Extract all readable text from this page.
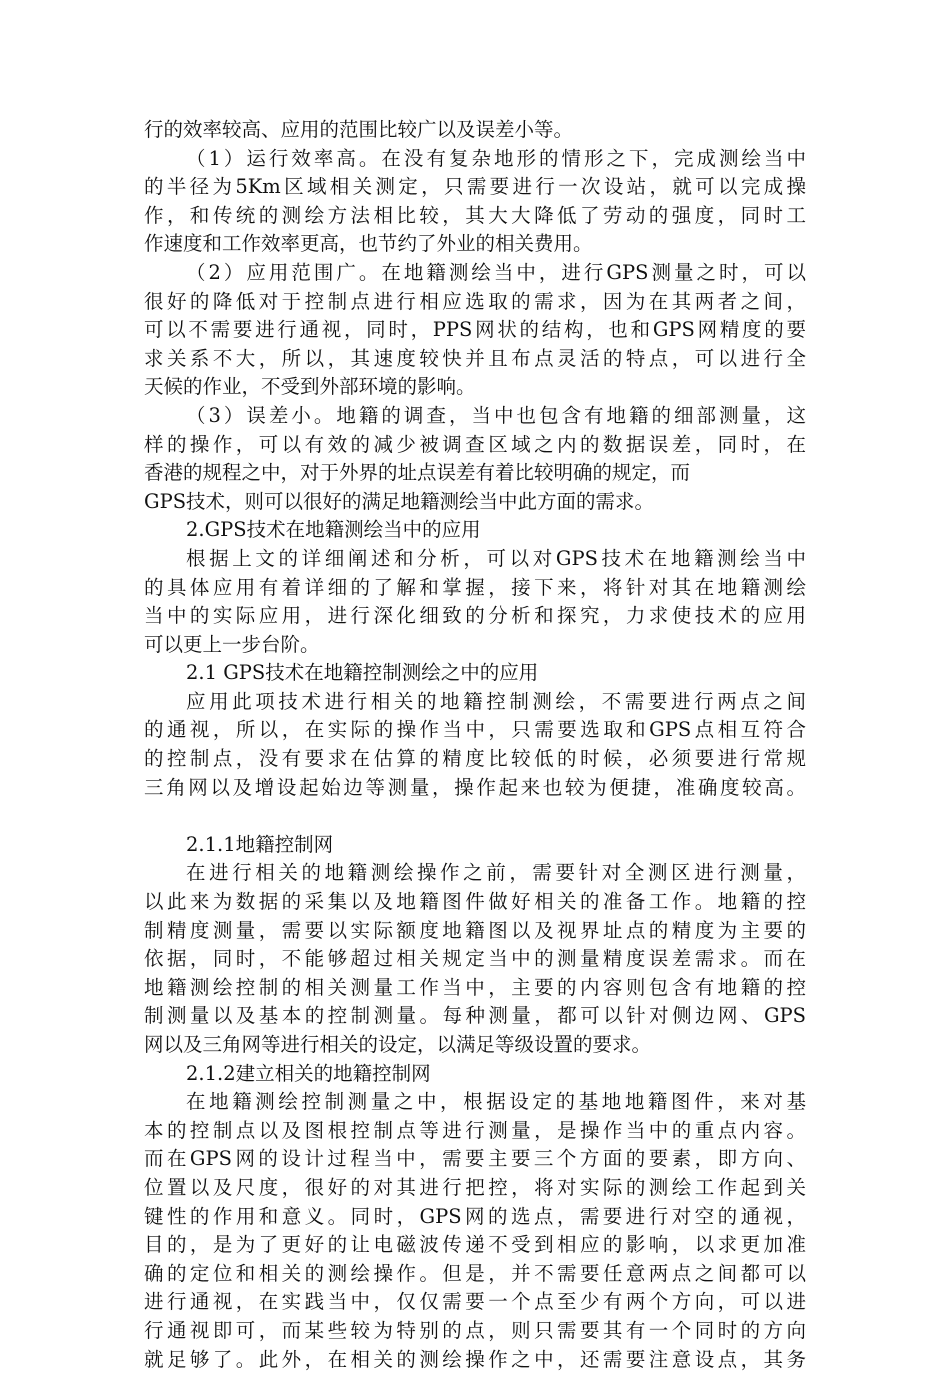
行的效率较高、应用的范围比较广以及误差小等。
（1）运行效率高。在没有复杂地形的情形之下，完成测绘当中
的半径为5Km区域相关测定，只需要进行一次设站，就可以完成操
作，和传统的测绘方法相比较，其大大降低了劳动的强度，同时工
作速度和工作效率更高，也节约了外业的相关费用。
（2）应用范围广。在地籍测绘当中，进行GPS测量之时，可以
很好的降低对于控制点进行相应选取的需求，因为在其两者之间，
可以不需要进行通视，同时，PPS网状的结构，也和GPS网精度的要
求关系不大，所以，其速度较快并且布点灵活的特点，可以进行全
天候的作业，不受到外部环境的影响。
（3）误差小。地籍的调查，当中也包含有地籍的细部测量，这
样的操作，可以有效的减少被调查区域之内的数据误差，同时，在
香港的规程之中，对于外界的址点误差有着比较明确的规定，而
GPS技术，则可以很好的满足地籍测绘当中此方面的需求。
2.GPS技术在地籍测绘当中的应用
根据上文的详细阐述和分析，可以对GPS技术在地籍测绘当中
的具体应用有着详细的了解和掌握，接下来，将针对其在地籍测绘
当中的实际应用，进行深化细致的分析和探究，力求使技术的应用
可以更上一步台阶。
2.1 GPS技术在地籍控制测绘之中的应用
应用此项技术进行相关的地籍控制测绘，不需要进行两点之间
的通视，所以，在实际的操作当中，只需要选取和GPS点相互符合
的控制点，没有要求在估算的精度比较低的时候，必须要进行常规
三角网以及增设起始边等测量，操作起来也较为便捷，准确度较高。
2.1.1地籍控制网
在进行相关的地籍测绘操作之前，需要针对全测区进行测量，
以此来为数据的采集以及地籍图件做好相关的准备工作。地籍的控
制精度测量，需要以实际额度地籍图以及视界址点的精度为主要的
依据，同时，不能够超过相关规定当中的测量精度误差需求。而在
地籍测绘控制的相关测量工作当中，主要的内容则包含有地籍的控
制测量以及基本的控制测量。每种测量，都可以针对侧边网、GPS
网以及三角网等进行相关的设定，以满足等级设置的要求。
2.1.2建立相关的地籍控制网
在地籍测绘控制测量之中，根据设定的基地地籍图件，来对基
本的控制点以及图根控制点等进行测量，是操作当中的重点内容。
而在GPS网的设计过程当中，需要主要三个方面的要素，即方向、
位置以及尺度，很好的对其进行把控，将对实际的测绘工作起到关
键性的作用和意义。同时，GPS网的选点，需要进行对空的通视，
目的，是为了更好的让电磁波传递不受到相应的影响，以求更加准
确的定位和相关的测绘操作。但是，并不需要任意两点之间都可以
进行通视，在实践当中，仅仅需要一个点至少有两个方向，可以进
行通视即可，而某些较为特别的点，则只需要其有一个同时的方向
就足够了。此外，在相关的测绘操作之中，还需要注意设点，其务
